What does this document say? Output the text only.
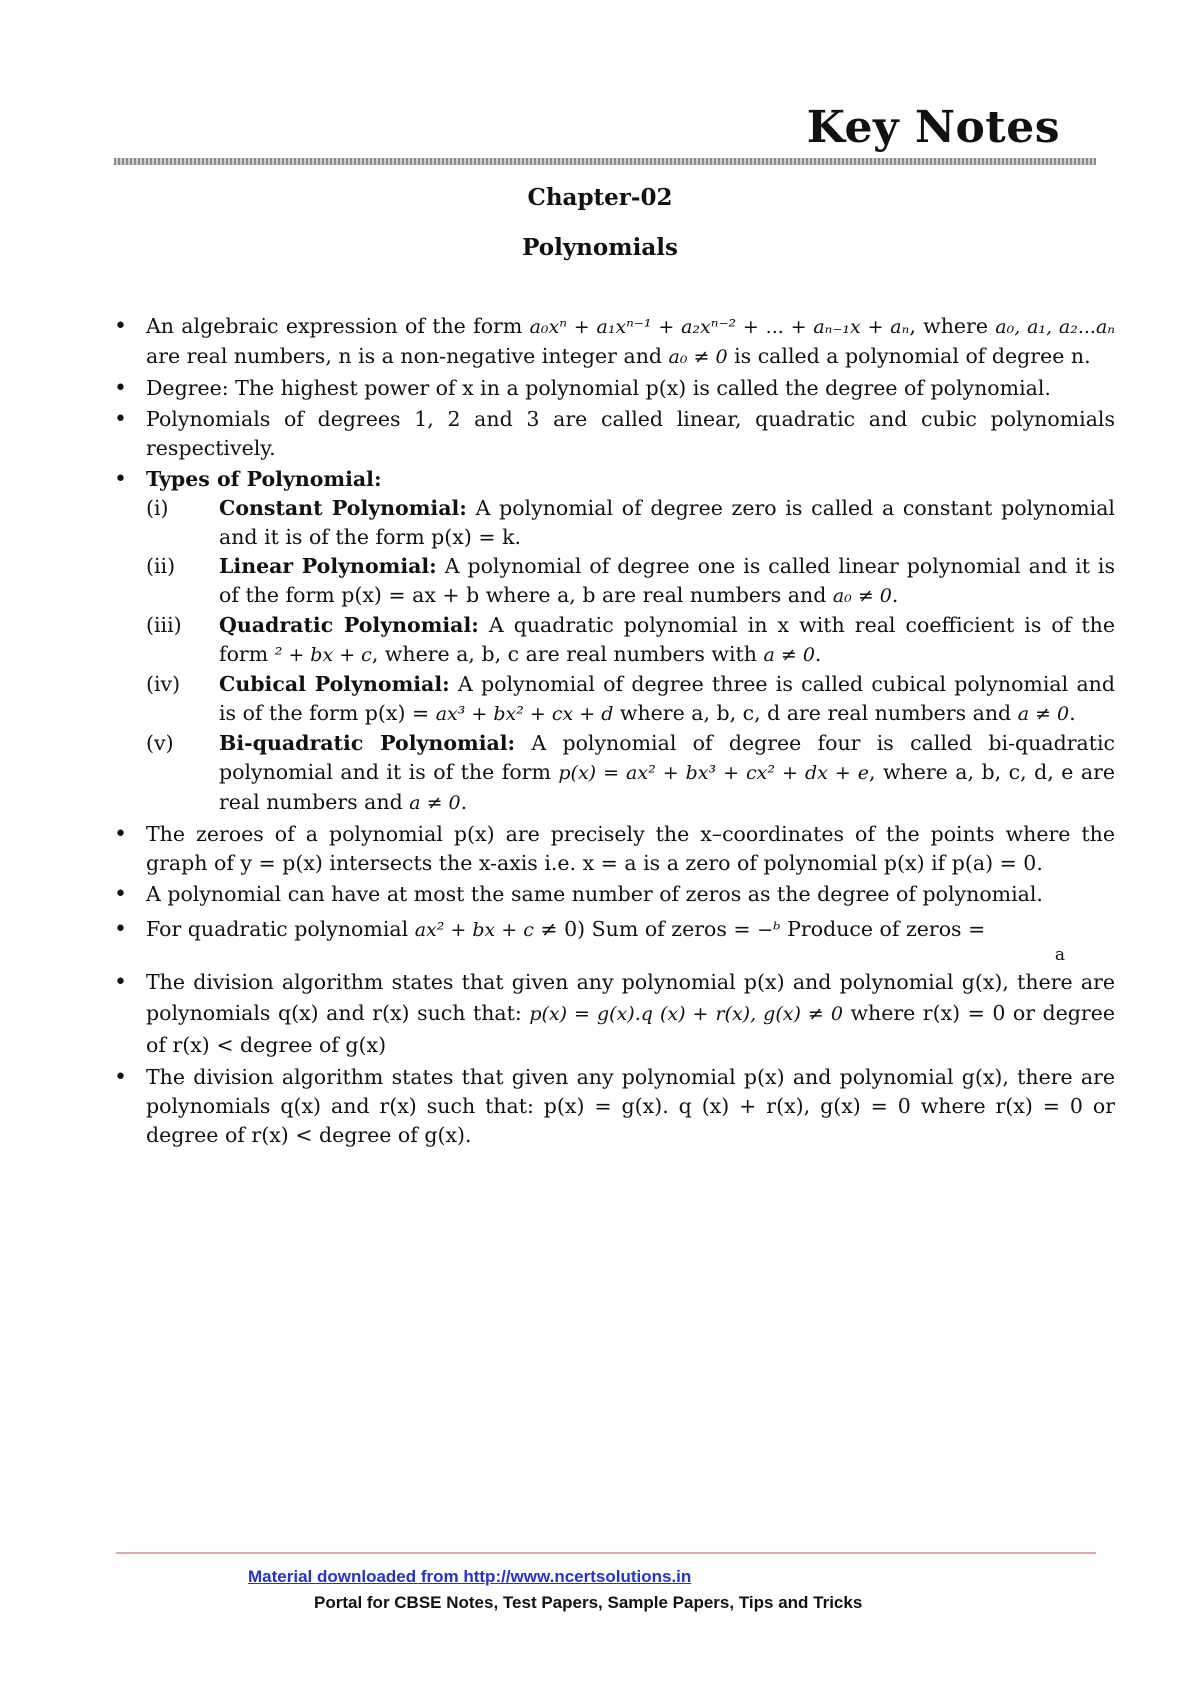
Key Notes
Chapter-02
Polynomials
• An algebraic expression of the form a₀xⁿ + a₁xⁿ⁻¹ + a₂xⁿ⁻² + ... + aₙ₋₁x + aₙ, where a₀, a₁, a₂...aₙ are real numbers, n is a non-negative integer and a₀ ≠ 0 is called a polynomial of degree n.
• Degree: The highest power of x in a polynomial p(x) is called the degree of polynomial.
• Polynomials of degrees 1, 2 and 3 are called linear, quadratic and cubic polynomials respectively.
• Types of Polynomial:
(i) Constant Polynomial: A polynomial of degree zero is called a constant polynomial and it is of the form p(x) = k.
(ii) Linear Polynomial: A polynomial of degree one is called linear polynomial and it is of the form p(x) = ax + b where a, b are real numbers and a₀ ≠ 0.
(iii) Quadratic Polynomial: A quadratic polynomial in x with real coefficient is of the form ² + bx + c, where a, b, c are real numbers with a ≠ 0.
(iv) Cubical Polynomial: A polynomial of degree three is called cubical polynomial and is of the form p(x) = ax³ + bx² + cx + d where a, b, c, d are real numbers and a ≠ 0.
(v) Bi-quadratic Polynomial: A polynomial of degree four is called bi-quadratic polynomial and it is of the form p(x) = ax² + bx³ + cx² + dx + e, where a, b, c, d, e are real numbers and a ≠ 0.
• The zeroes of a polynomial p(x) are precisely the x–coordinates of the points where the graph of y = p(x) intersects the x-axis i.e. x = a is a zero of polynomial p(x) if p(a) = 0.
• A polynomial can have at most the same number of zeros as the degree of polynomial.
• For quadratic polynomial ax² + bx + c ≠ 0) Sum of zeros = −ᵇ Produce of zeros =
a
• The division algorithm states that given any polynomial p(x) and polynomial g(x), there are polynomials q(x) and r(x) such that: p(x) = g(x).q (x) + r(x), g(x) ≠ 0 where r(x) = 0 or degree of r(x) < degree of g(x)
• The division algorithm states that given any polynomial p(x) and polynomial g(x), there are polynomials q(x) and r(x) such that: p(x) = g(x). q (x) + r(x), g(x) = 0 where r(x) = 0 or degree of r(x) < degree of g(x).
Material downloaded from http://www.ncertsolutions.in
Portal for CBSE Notes, Test Papers, Sample Papers, Tips and Tricks
